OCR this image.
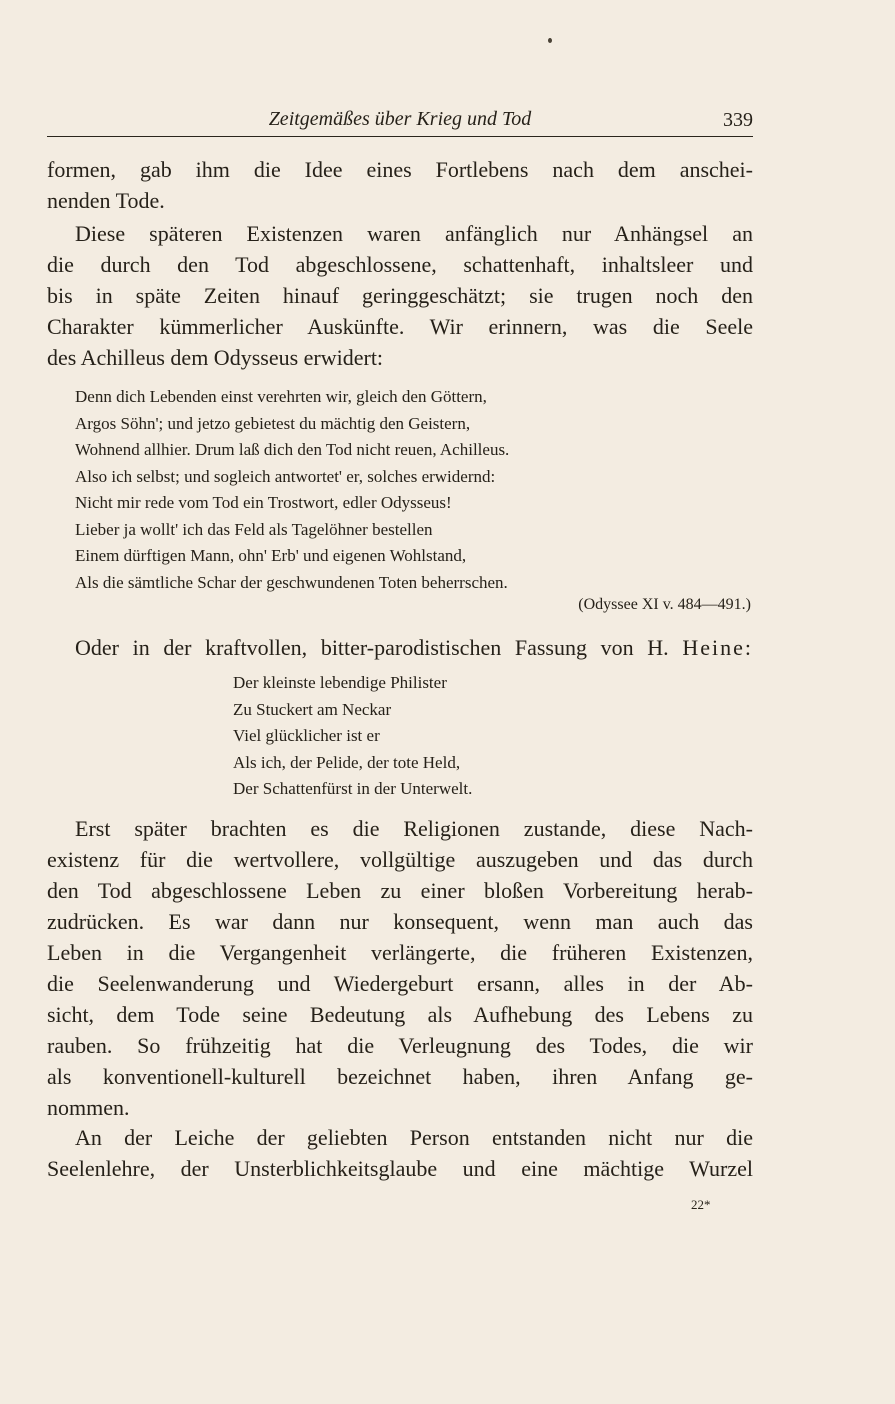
Zeitgemäßes über Krieg und Tod	339
formen, gab ihm die Idee eines Fortlebens nach dem anschei-
nenden Tode.
Diese späteren Existenzen waren anfänglich nur Anhängsel an
die durch den Tod abgeschlossene, schattenhaft, inhaltsleer und
bis in späte Zeiten hinauf geringgeschätzt; sie trugen noch den
Charakter kümmerlicher Auskünfte. Wir erinnern, was die Seele
des Achilleus dem Odysseus erwidert:
Denn dich Lebenden einst verehrten wir, gleich den Göttern,
Argos Söhn'; und jetzo gebietest du mächtig den Geistern,
Wohnend allhier. Drum laß dich den Tod nicht reuen, Achilleus.
Also ich selbst; und sogleich antwortet' er, solches erwidernd:
Nicht mir rede vom Tod ein Trostwort, edler Odysseus!
Lieber ja wollt' ich das Feld als Tagelöhner bestellen
Einem dürftigen Mann, ohn' Erb' und eigenen Wohlstand,
Als die sämtliche Schar der geschwundenen Toten beherrschen.
(Odyssee XI v. 484—491.)
Oder in der kraftvollen, bitter-parodistischen Fassung von H. Heine:
Der kleinste lebendige Philister
Zu Stuckert am Neckar
Viel glücklicher ist er
Als ich, der Pelide, der tote Held,
Der Schattenfürst in der Unterwelt.
Erst später brachten es die Religionen zustande, diese Nach-
existenz für die wertvollere, vollgültige auszugeben und das durch
den Tod abgeschlossene Leben zu einer bloßen Vorbereitung herab-
zudrücken. Es war dann nur konsequent, wenn man auch das
Leben in die Vergangenheit verlängerte, die früheren Existenzen,
die Seelenwanderung und Wiedergeburt ersann, alles in der Ab-
sicht, dem Tode seine Bedeutung als Aufhebung des Lebens zu
rauben. So frühzeitig hat die Verleugnung des Todes, die wir
als konventionell-kulturell bezeichnet haben, ihren Anfang ge-
nommen.
An der Leiche der geliebten Person entstanden nicht nur die
Seelenlehre, der Unsterblichkeitsglaube und eine mächtige Wurzel
22*
